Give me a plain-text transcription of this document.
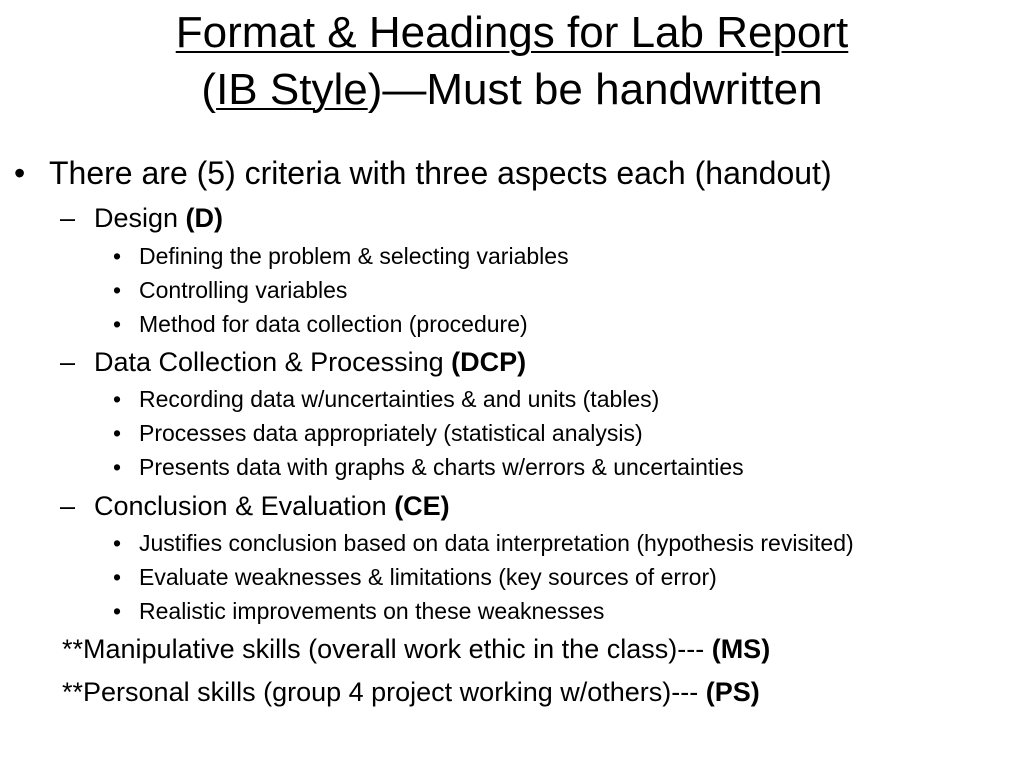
Format & Headings for Lab Report
(IB Style)—Must be handwritten
• There are (5) criteria with three aspects each (handout)
– Design (D)
• Defining the problem & selecting variables
• Controlling variables
• Method for data collection (procedure)
– Data Collection & Processing (DCP)
• Recording data w/uncertainties & and units (tables)
• Processes data appropriately (statistical analysis)
• Presents data with graphs & charts w/errors & uncertainties
– Conclusion & Evaluation (CE)
• Justifies conclusion based on data interpretation (hypothesis revisited)
• Evaluate weaknesses & limitations (key sources of error)
• Realistic improvements on these weaknesses
**Manipulative skills (overall work ethic in the class)--- (MS)
**Personal skills (group 4 project working w/others)--- (PS)
